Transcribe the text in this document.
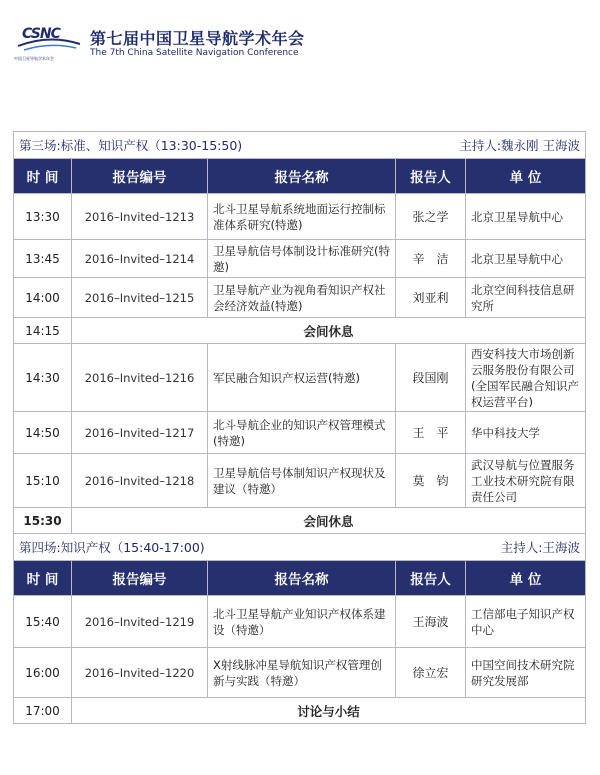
CSNC
中国卫星导航学术年会
第七届中国卫星导航学术年会
The 7th China Satellite Navigation Conference
第三场:标准、知识产权（13:30-15:50) 主持人:魏永刚 王海波				

时 间	报告编号	报告名称	报告人	单 位
13:30	2016–Invited–1213	北斗卫星导航系统地面运行控制标准体系研究(特邀)	张之学	北京卫星导航中心
13:45	2016–Invited–1214	卫星导航信号体制设计标准研究(特邀)	辛　洁	北京卫星导航中心
14:00	2016–Invited–1215	卫星导航产业为视角看知识产权社会经济效益(特邀)	刘亚利	北京空间科技信息研究所
14:15	会间休息			
14:30	2016–Invited–1216	军民融合知识产权运营(特邀)	段国刚	西安科技大市场创新云服务股份有限公司(全国军民融合知识产权运营平台)
14:50	2016–Invited–1217	北斗导航企业的知识产权管理模式(特邀)	王　平	华中科技大学
15:10	2016–Invited–1218	卫星导航信号体制知识产权现状及建议（特邀）	莫　钧	武汉导航与位置服务工业技术研究院有限责任公司
15:30	会间休息			

第四场:知识产权（15:40-17:00) 主持人:王海波				

时 间	报告编号	报告名称	报告人	单 位
15:40	2016–Invited–1219	北斗卫星导航产业知识产权体系建设（特邀）	王海波	工信部电子知识产权中心
16:00	2016–Invited–1220	X射线脉冲星导航知识产权管理创新与实践（特邀）	徐立宏	中国空间技术研究院研究发展部
17:00	讨论与小结			
